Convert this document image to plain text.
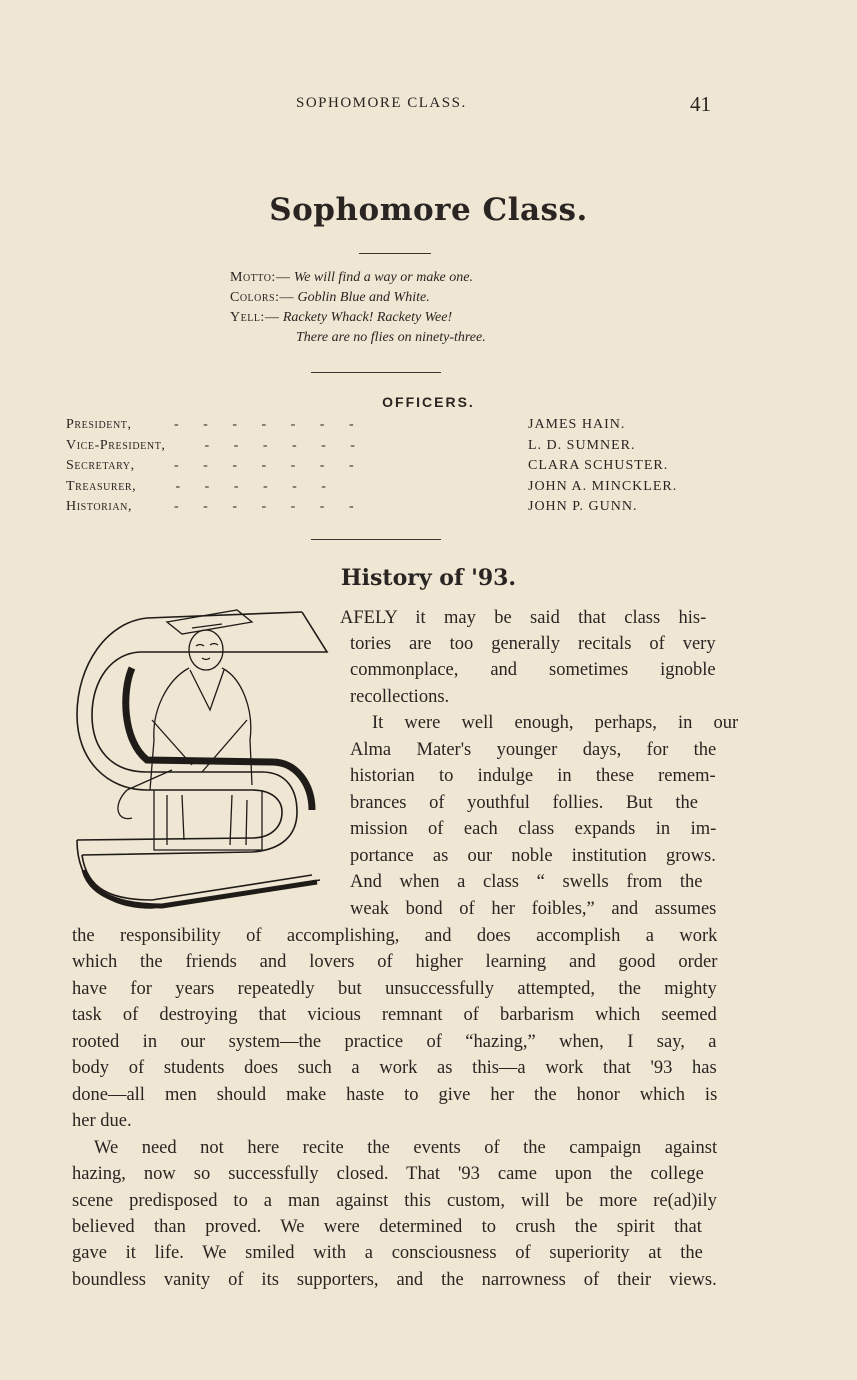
SOPHOMORE CLASS.	41
Sophomore Class.
Motto:— We will find a way or make one.
Colors:— Goblin Blue and White.
Yell:— Rackety Whack! Rackety Wee!
There are no flies on ninety-three.
OFFICERS.
President,	-       -       -       -       -       -       -	JAMES HAIN.
Vice-President, -       -       -       -       -       -	L. D. SUMNER.
Secretary,	-       -       -       -       -       -       -	CLARA SCHUSTER.
Treasurer, -       -       -       -       -       -	JOHN A. MINCKLER.
Historian,	-       -       -       -       -       -       -	JOHN P. GUNN.
History of '93.
S
AFELY it may be said that class his-
tories are too generally recitals of very
commonplace, and sometimes ignoble
recollections.
It were well enough, perhaps, in our
Alma Mater's younger days, for the
historian to indulge in these remem-
brances of youthful follies. But the
mission of each class expands in im-
portance as our noble institution grows.
And when a class “ swells from the
weak bond of her foibles,” and assumes
the responsibility of accomplishing, and does accomplish a work
which the friends and lovers of higher learning and good order
have for years repeatedly but unsuccessfully attempted, the mighty
task of destroying that vicious remnant of barbarism which seemed
rooted in our system—the practice of “hazing,” when, I say, a
body of students does such a work as this—a work that '93 has
done—all men should make haste to give her the honor which is
her due.
We need not here recite the events of the campaign against
hazing, now so successfully closed. That '93 came upon the college
scene predisposed to a man against this custom, will be more re(ad)ily
believed than proved. We were determined to crush the spirit that
gave it life. We smiled with a consciousness of superiority at the
boundless vanity of its supporters, and the narrowness of their views.
